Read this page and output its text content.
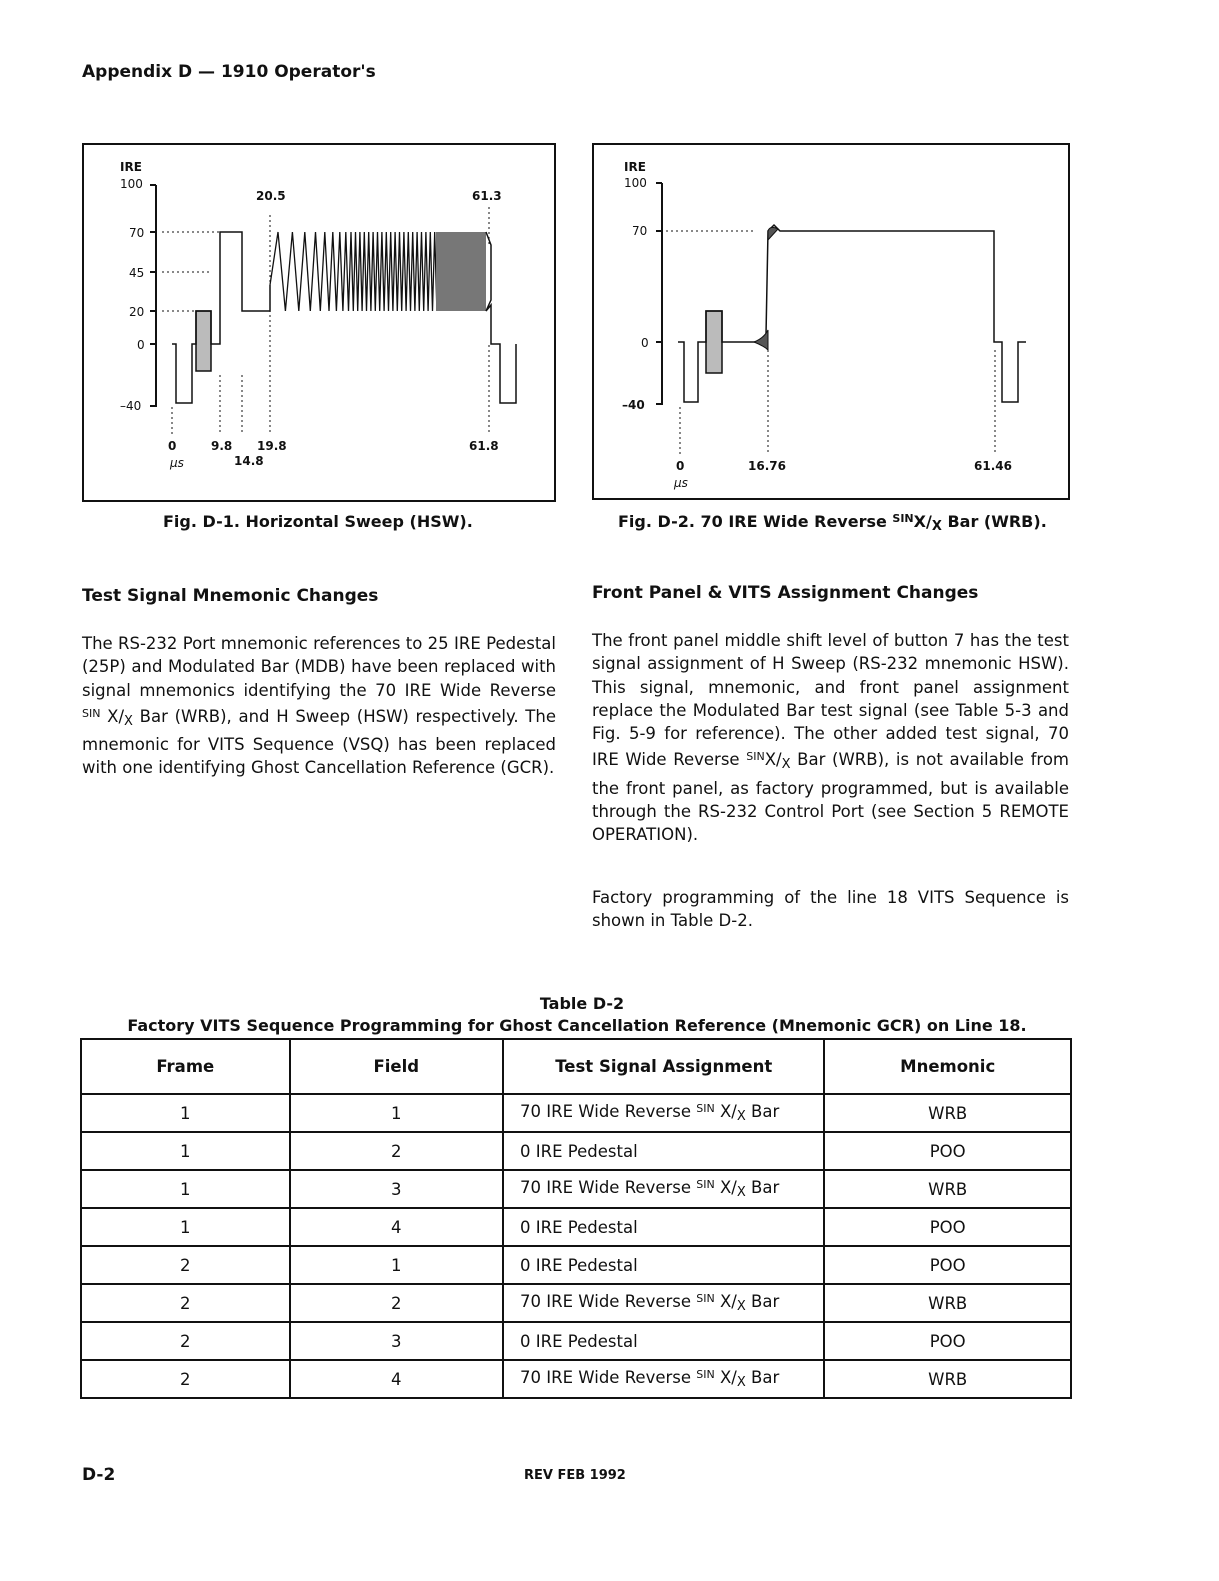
Appendix D — 1910 Operator's
IRE
100
70
45
20
0
–40
20.5	61.3
0	9.8 19.8
14.8
61.8
µs
Fig. D-1. Horizontal Sweep (HSW).
IRE
100
70
0
–40
0	16.76	61.46
µs
Fig. D-2. 70 IRE Wide Reverse $^{SIN}X/_X$ Bar (WRB).
Test Signal Mnemonic Changes
The RS-232 Port mnemonic references to 25 IRE Pedestal (25P) and Modulated Bar (MDB) have been replaced with signal mnemonics identifying the 70 IRE Wide Reverse $^{SIN}$ $X/_X$ Bar (WRB), and H Sweep (HSW) respectively. The mnemonic for VITS Sequence (VSQ) has been replaced with one identifying Ghost Cancellation Reference (GCR).
Front Panel & VITS Assignment Changes
The front panel middle shift level of button 7 has the test signal assignment of H Sweep (RS-232 mnemonic HSW). This signal, mnemonic, and front panel assignment replace the Modulated Bar test signal (see Table 5-3 and Fig. 5-9 for reference). The other added test signal, 70 IRE Wide Reverse $^{SIN}X/_X$ Bar (WRB), is not available from the front panel, as factory programmed, but is available through the RS-232 Control Port (see Section 5 REMOTE OPERATION).
Factory programming of the line 18 VITS Sequence is shown in Table D-2.
Table D-2
Factory VITS Sequence Programming for Ghost Cancellation Reference (Mnemonic GCR) on Line 18.
Frame	Field	Test Signal Assignment	Mnemonic
1	1	70 IRE Wide Reverse $^{SIN}$ $X/_X$ Bar	WRB
1	2	0 IRE Pedestal	POO
1	3	70 IRE Wide Reverse $^{SIN}$ $X/_X$ Bar	WRB
1	4	0 IRE Pedestal	POO
2	1	0 IRE Pedestal	POO
2	2	70 IRE Wide Reverse $^{SIN}$ $X/_X$ Bar	WRB
2	3	0 IRE Pedestal	POO
2	4	70 IRE Wide Reverse $^{SIN}$ $X/_X$ Bar	WRB
D-2	REV FEB 1992
